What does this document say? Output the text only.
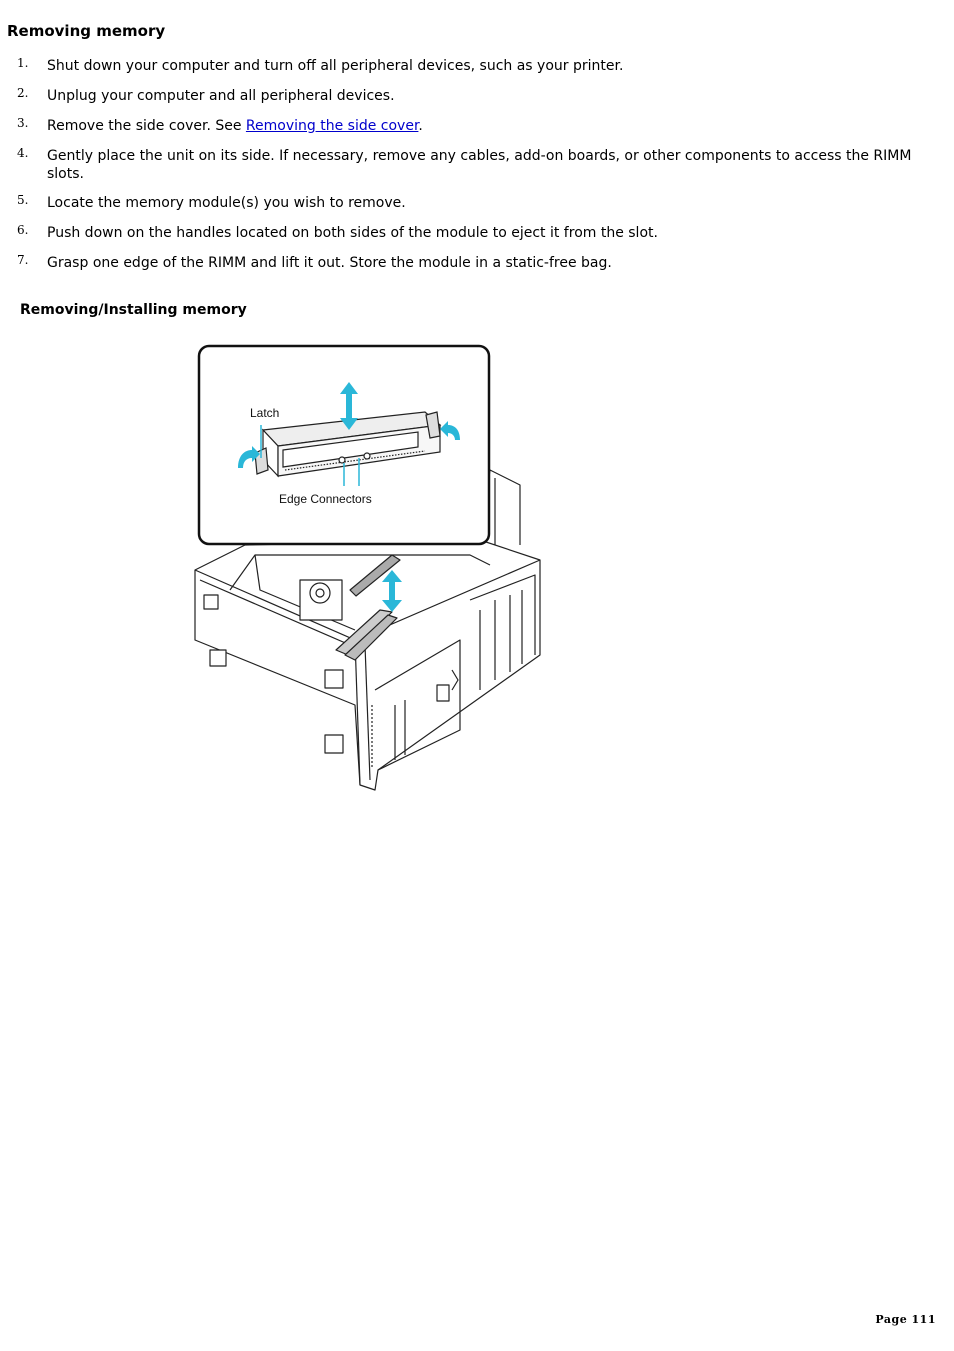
Removing memory
1. Shut down your computer and turn off all peripheral devices, such as your printer.
2. Unplug your computer and all peripheral devices.
3. Remove the side cover. See Removing the side cover.
4. Gently place the unit on its side. If necessary, remove any cables, add-on boards, or other components to access the RIMM slots.
5. Locate the memory module(s) you wish to remove.
6. Push down on the handles located on both sides of the module to eject it from the slot.
7. Grasp one edge of the RIMM and lift it out. Store the module in a static-free bag.

Removing/Installing memory

Latch
Edge Connectors
Page 111
